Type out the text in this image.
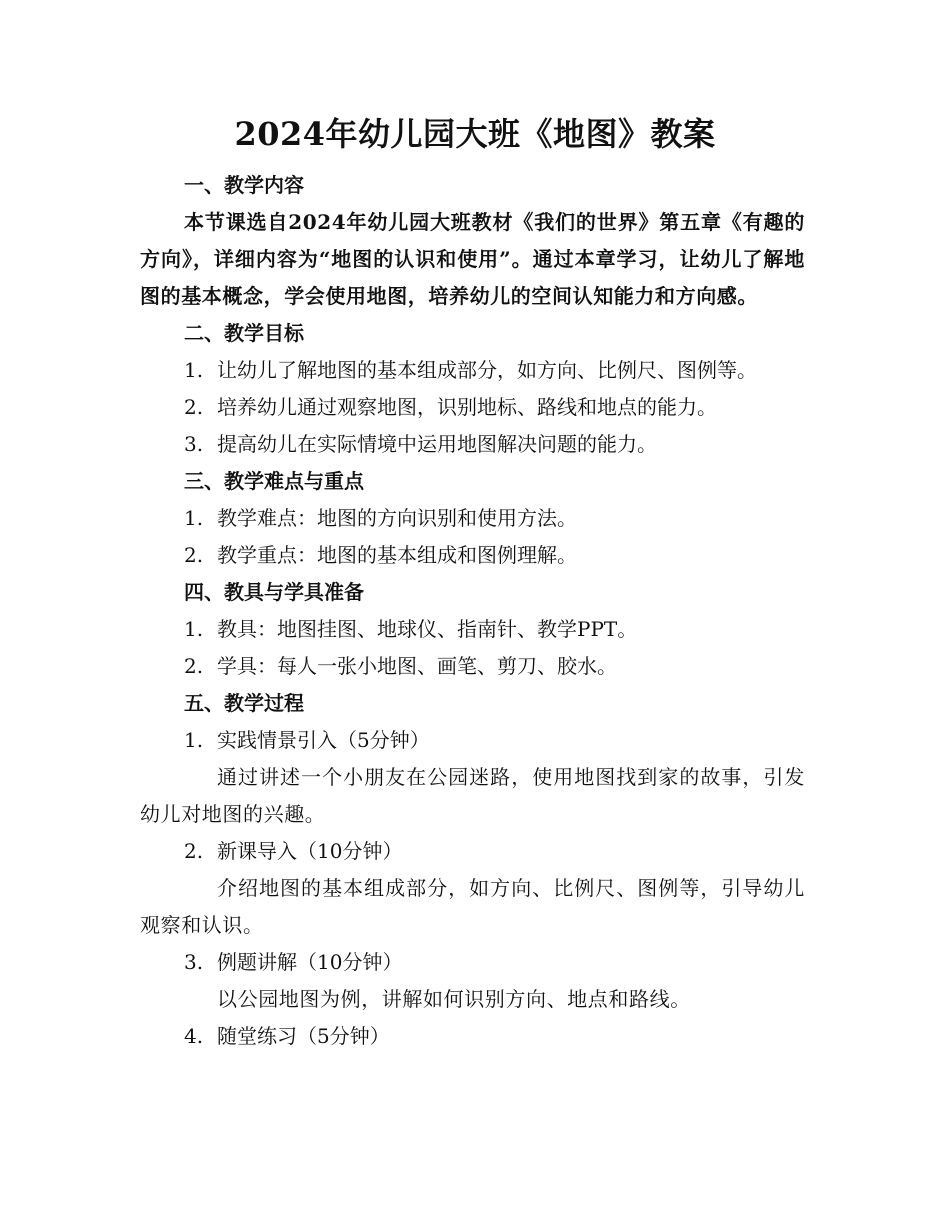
2024年幼儿园大班《地图》教案
一、教学内容
本节课选自2024年幼儿园大班教材《我们的世界》第五章《有趣的方向》，详细内容为“地图的认识和使用”。通过本章学习，让幼儿了解地图的基本概念，学会使用地图，培养幼儿的空间认知能力和方向感。
二、教学目标
1. 让幼儿了解地图的基本组成部分，如方向、比例尺、图例等。
2. 培养幼儿通过观察地图，识别地标、路线和地点的能力。
3. 提高幼儿在实际情境中运用地图解决问题的能力。
三、教学难点与重点
1. 教学难点：地图的方向识别和使用方法。
2. 教学重点：地图的基本组成和图例理解。
四、教具与学具准备
1. 教具：地图挂图、地球仪、指南针、教学PPT。
2. 学具：每人一张小地图、画笔、剪刀、胶水。
五、教学过程
1. 实践情景引入（5分钟）
通过讲述一个小朋友在公园迷路，使用地图找到家的故事，引发幼儿对地图的兴趣。
2. 新课导入（10分钟）
介绍地图的基本组成部分，如方向、比例尺、图例等，引导幼儿观察和认识。
3. 例题讲解（10分钟）
以公园地图为例，讲解如何识别方向、地点和路线。
4. 随堂练习（5分钟）
